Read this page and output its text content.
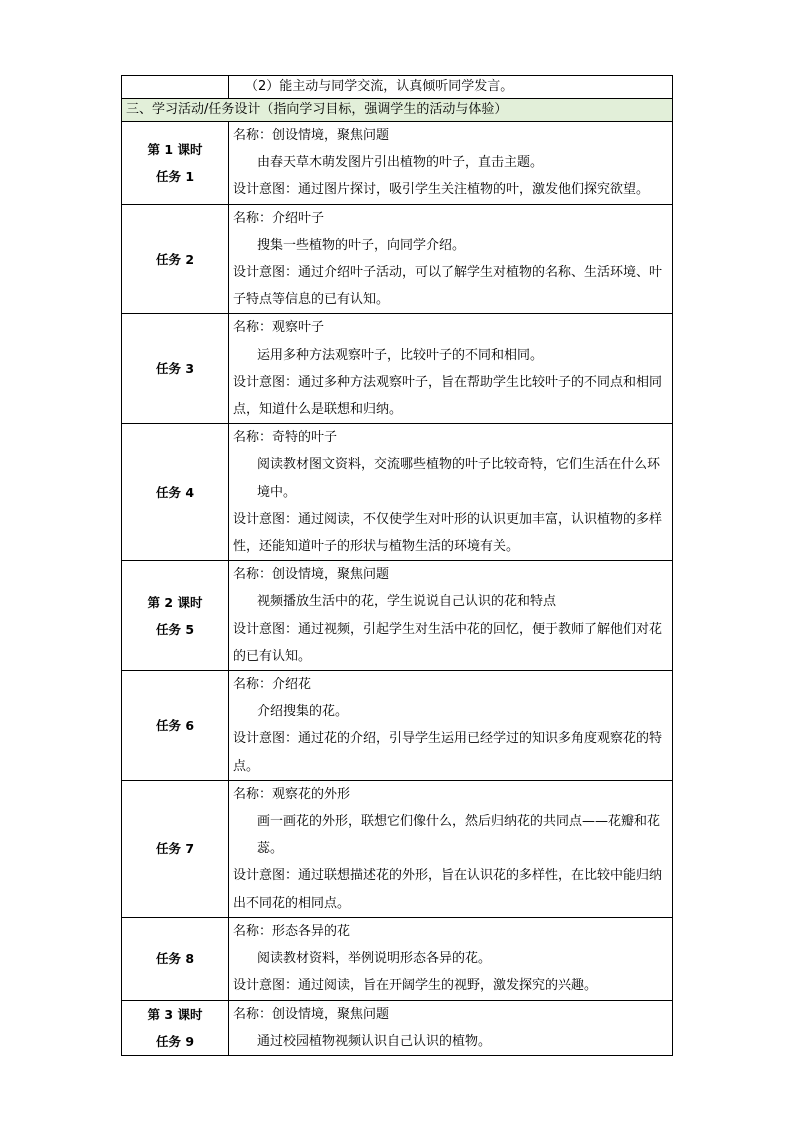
	（2）能主动与同学交流，认真倾听同学发言。
三、学习活动/任务设计（指向学习目标，强调学生的活动与体验）	

第 1 课时
任务 1	名称：创设情境，聚焦问题
由春天草木萌发图片引出植物的叶子，直击主题。
设计意图：通过图片探讨，吸引学生关注植物的叶，激发他们探究欲望。

任务 2	名称：介绍叶子
搜集一些植物的叶子，向同学介绍。
设计意图：通过介绍叶子活动，可以了解学生对植物的名称、生活环境、叶子特点等信息的已有认知。

任务 3	名称：观察叶子
运用多种方法观察叶子，比较叶子的不同和相同。
设计意图：通过多种方法观察叶子，旨在帮助学生比较叶子的不同点和相同点，知道什么是联想和归纳。

任务 4	名称：奇特的叶子
阅读教材图文资料，交流哪些植物的叶子比较奇特，它们生活在什么环境中。
设计意图：通过阅读，不仅使学生对叶形的认识更加丰富，认识植物的多样性，还能知道叶子的形状与植物生活的环境有关。

第 2 课时
任务 5	名称：创设情境，聚焦问题
视频播放生活中的花，学生说说自己认识的花和特点
设计意图：通过视频，引起学生对生活中花的回忆，便于教师了解他们对花的已有认知。

任务 6	名称：介绍花
介绍搜集的花。
设计意图：通过花的介绍，引导学生运用已经学过的知识多角度观察花的特点。

任务 7	名称：观察花的外形
画一画花的外形，联想它们像什么，然后归纳花的共同点——花瓣和花蕊。
设计意图：通过联想描述花的外形，旨在认识花的多样性，在比较中能归纳出不同花的相同点。

任务 8	名称：形态各异的花
阅读教材资料，举例说明形态各异的花。
设计意图：通过阅读，旨在开阔学生的视野，激发探究的兴趣。

第 3 课时
任务 9	名称：创设情境，聚焦问题
通过校园植物视频认识自己认识的植物。
